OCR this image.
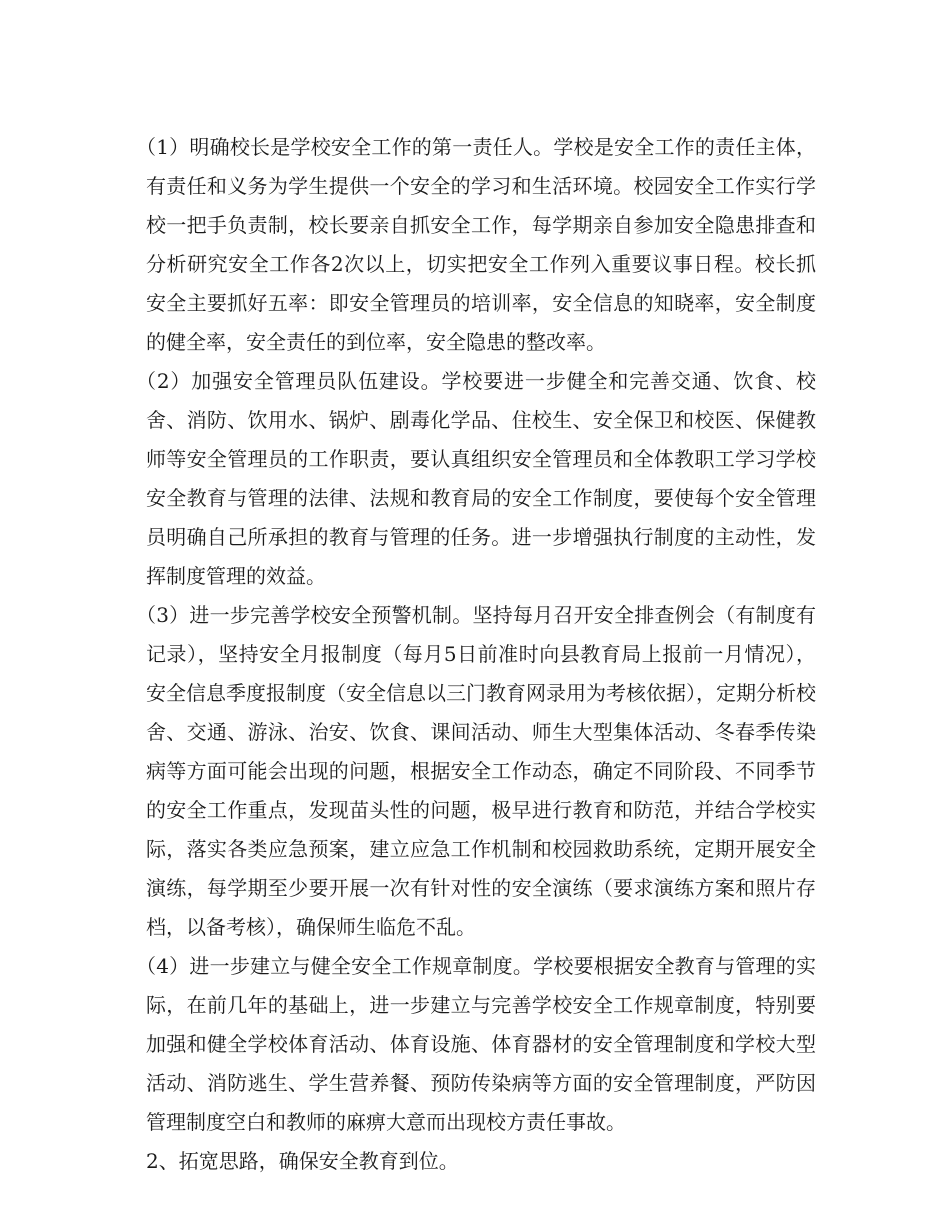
（1）明确校长是学校安全工作的第一责任人。学校是安全工作的责任主体，有责任和义务为学生提供一个安全的学习和生活环境。校园安全工作实行学校一把手负责制，校长要亲自抓安全工作，每学期亲自参加安全隐患排查和分析研究安全工作各2次以上，切实把安全工作列入重要议事日程。校长抓安全主要抓好五率：即安全管理员的培训率，安全信息的知晓率，安全制度的健全率，安全责任的到位率，安全隐患的整改率。

（2）加强安全管理员队伍建设。学校要进一步健全和完善交通、饮食、校舍、消防、饮用水、锅炉、剧毒化学品、住校生、安全保卫和校医、保健教师等安全管理员的工作职责，要认真组织安全管理员和全体教职工学习学校安全教育与管理的法律、法规和教育局的安全工作制度，要使每个安全管理员明确自己所承担的教育与管理的任务。进一步增强执行制度的主动性，发挥制度管理的效益。

（3）进一步完善学校安全预警机制。坚持每月召开安全排查例会（有制度有记录），坚持安全月报制度（每月5日前准时向县教育局上报前一月情况），安全信息季度报制度（安全信息以三门教育网录用为考核依据），定期分析校舍、交通、游泳、治安、饮食、课间活动、师生大型集体活动、冬春季传染病等方面可能会出现的问题，根据安全工作动态，确定不同阶段、不同季节的安全工作重点，发现苗头性的问题，极早进行教育和防范，并结合学校实际，落实各类应急预案，建立应急工作机制和校园救助系统，定期开展安全演练，每学期至少要开展一次有针对性的安全演练（要求演练方案和照片存档，以备考核），确保师生临危不乱。

（4）进一步建立与健全安全工作规章制度。学校要根据安全教育与管理的实际，在前几年的基础上，进一步建立与完善学校安全工作规章制度，特别要加强和健全学校体育活动、体育设施、体育器材的安全管理制度和学校大型活动、消防逃生、学生营养餐、预防传染病等方面的安全管理制度，严防因管理制度空白和教师的麻痹大意而出现校方责任事故。

2、拓宽思路，确保安全教育到位。
